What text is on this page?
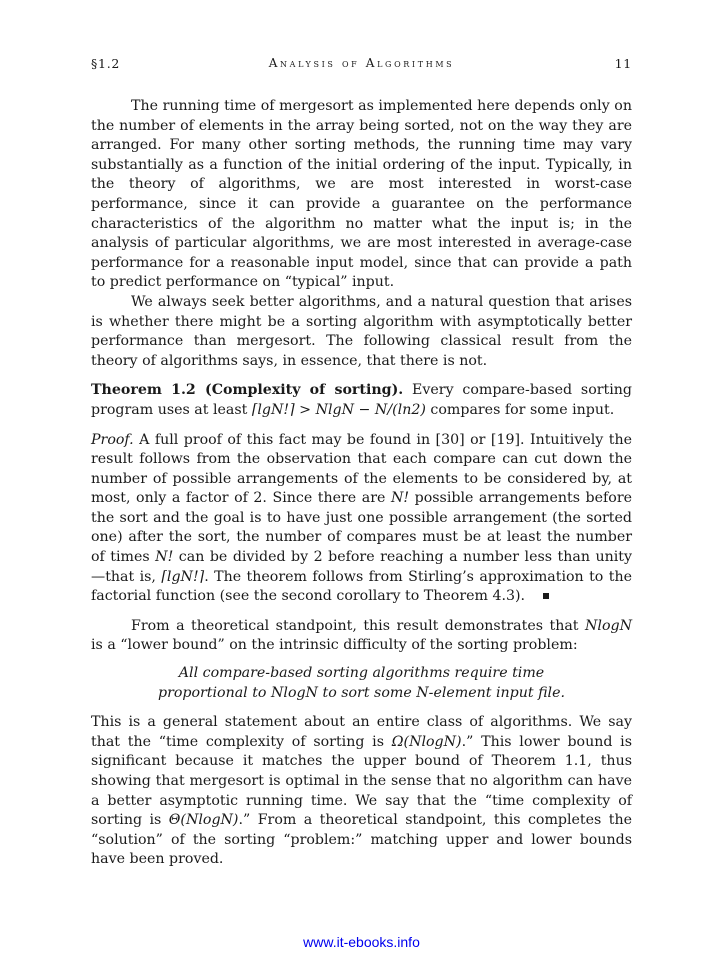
§1.2	Analysis of Algorithms	11

The running time of mergesort as implemented here depends only on the number of elements in the array being sorted, not on the way they are arranged. For many other sorting methods, the running time may vary substantially as a function of the initial ordering of the input. Typically, in the theory of algorithms, we are most interested in worst-case performance, since it can provide a guarantee on the performance characteristics of the algorithm no matter what the input is; in the analysis of particular algorithms, we are most interested in average-case performance for a reasonable input model, since that can provide a path to predict performance on “typical” input.

We always seek better algorithms, and a natural question that arises is whether there might be a sorting algorithm with asymptotically better performance than mergesort. The following classical result from the theory of algorithms says, in essence, that there is not.

Theorem 1.2 (Complexity of sorting). Every compare-based sorting program uses at least ⌈lgN!⌉ > NlgN − N/(ln2) compares for some input.

Proof. A full proof of this fact may be found in [30] or [19]. Intuitively the result follows from the observation that each compare can cut down the number of possible arrangements of the elements to be considered by, at most, only a factor of 2. Since there are N! possible arrangements before the sort and the goal is to have just one possible arrangement (the sorted one) after the sort, the number of compares must be at least the number of times N! can be divided by 2 before reaching a number less than unity—that is, ⌈lgN!⌉. The theorem follows from Stirling’s approximation to the factorial function (see the second corollary to Theorem 4.3).

From a theoretical standpoint, this result demonstrates that NlogN is a “lower bound” on the intrinsic difficulty of the sorting problem:

All compare-based sorting algorithms require time
proportional to NlogN to sort some N-element input file.

This is a general statement about an entire class of algorithms. We say that the “time complexity of sorting is Ω(NlogN).” This lower bound is significant because it matches the upper bound of Theorem 1.1, thus showing that mergesort is optimal in the sense that no algorithm can have a better asymptotic running time. We say that the “time complexity of sorting is Θ(NlogN).” From a theoretical standpoint, this completes the “solution” of the sorting “problem:” matching upper and lower bounds have been proved.

www.it-ebooks.info
